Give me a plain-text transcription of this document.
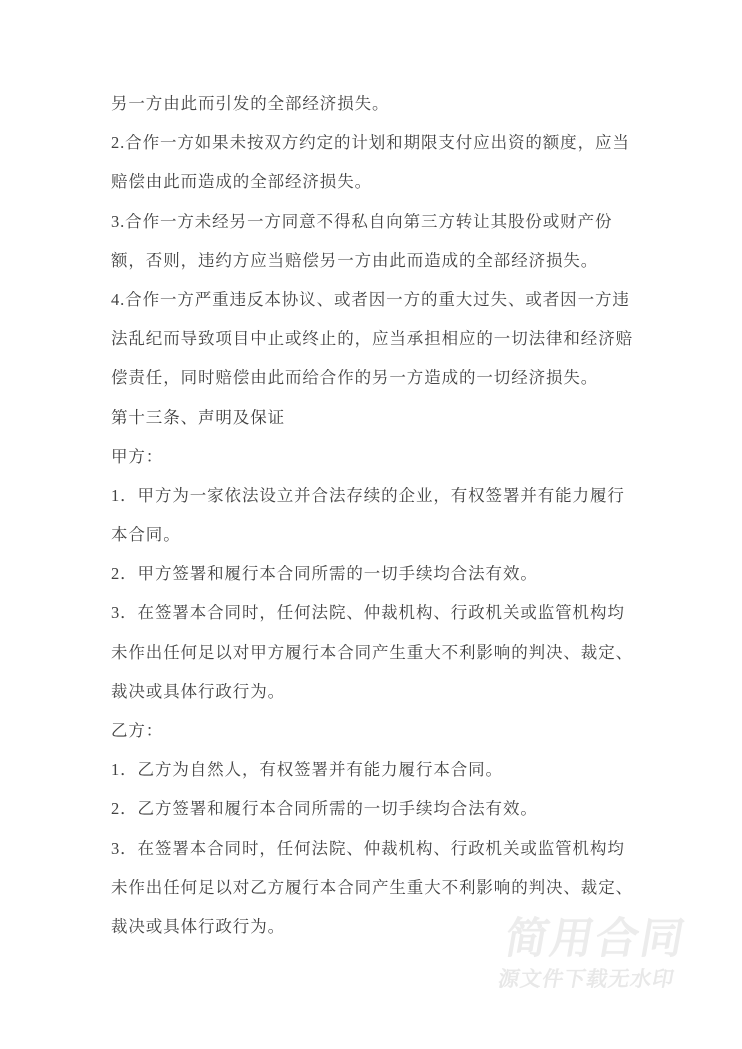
另一方由此而引发的全部经济损失。
2.合作一方如果未按双方约定的计划和期限支付应出资的额度，应当
赔偿由此而造成的全部经济损失。
3.合作一方未经另一方同意不得私自向第三方转让其股份或财产份
额，否则，违约方应当赔偿另一方由此而造成的全部经济损失。
4.合作一方严重违反本协议、或者因一方的重大过失、或者因一方违
法乱纪而导致项目中止或终止的，应当承担相应的一切法律和经济赔
偿责任，同时赔偿由此而给合作的另一方造成的一切经济损失。
第十三条、声明及保证
甲方：
1．甲方为一家依法设立并合法存续的企业，有权签署并有能力履行
本合同。
2．甲方签署和履行本合同所需的一切手续均合法有效。
3．在签署本合同时，任何法院、仲裁机构、行政机关或监管机构均
未作出任何足以对甲方履行本合同产生重大不利影响的判决、裁定、
裁决或具体行政行为。
乙方：
1．乙方为自然人，有权签署并有能力履行本合同。
2．乙方签署和履行本合同所需的一切手续均合法有效。
3．在签署本合同时，任何法院、仲裁机构、行政机关或监管机构均
未作出任何足以对乙方履行本合同产生重大不利影响的判决、裁定、
裁决或具体行政行为。	简用合同
源文件下载无水印
